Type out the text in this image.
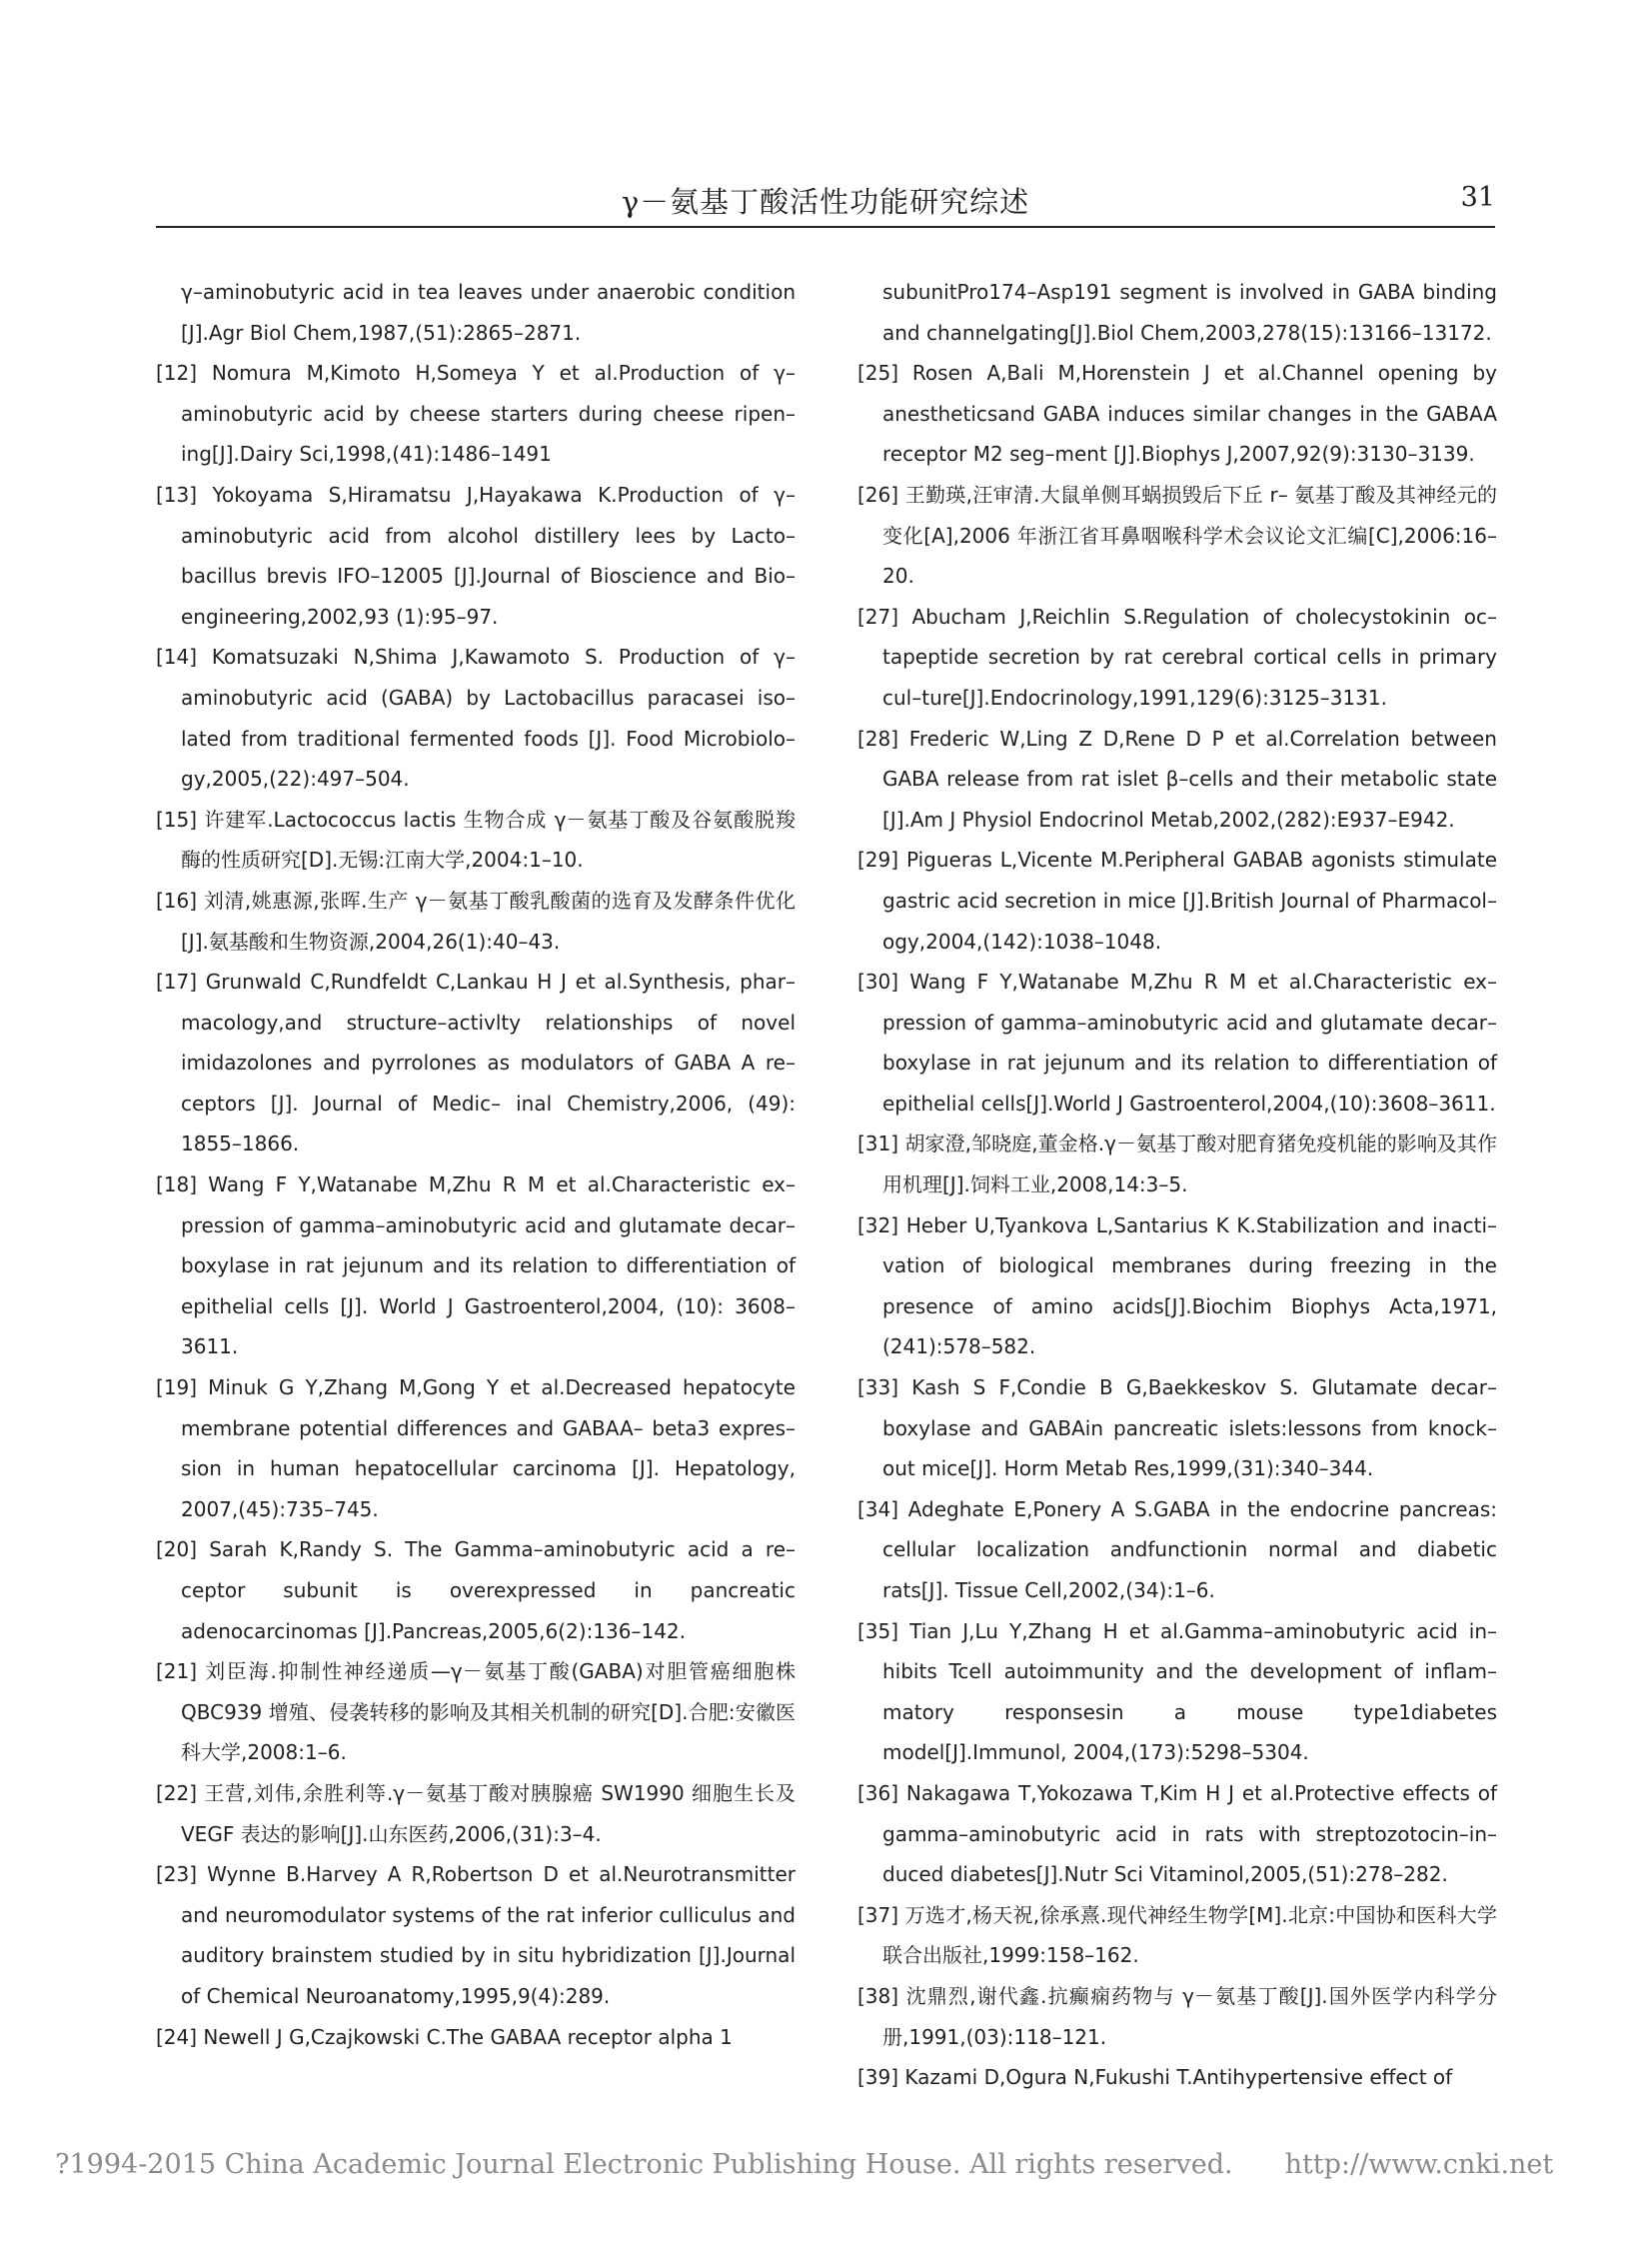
γ－氨基丁酸活性功能研究综述	31
γ–aminobutyric acid in tea leaves under anaerobic condition [J].Agr Biol Chem,1987,(51):2865–2871.
[12] Nomura M,Kimoto H,Someya Y et al.Production of γ–aminobutyric acid by cheese starters during cheese ripen–ing[J].Dairy Sci,1998,(41):1486–1491
[13] Yokoyama S,Hiramatsu J,Hayakawa K.Production of γ–aminobutyric acid from alcohol distillery lees by Lacto–bacillus brevis IFO–12005 [J].Journal of Bioscience and Bio–engineering,2002,93 (1):95–97.
[14] Komatsuzaki N,Shima J,Kawamoto S. Production of γ–aminobutyric acid (GABA) by Lactobacillus paracasei iso–lated from traditional fermented foods [J]. Food Microbiolo–gy,2005,(22):497–504.
[15] 许建军.Lactococcus lactis 生物合成 γ－氨基丁酸及谷氨酸脱羧酶的性质研究[D].无锡:江南大学,2004:1–10.
[16] 刘清,姚惠源,张晖.生产 γ－氨基丁酸乳酸菌的选育及发酵条件优化[J].氨基酸和生物资源,2004,26(1):40–43.
[17] Grunwald C,Rundfeldt C,Lankau H J et al.Synthesis, phar–macology,and structure–activlty relationships of novel imidazolones and pyrrolones as modulators of GABA A re–ceptors [J]. Journal of Medic– inal Chemistry,2006, (49): 1855–1866.
[18] Wang F Y,Watanabe M,Zhu R M et al.Characteristic ex–pression of gamma–aminobutyric acid and glutamate decar–boxylase in rat jejunum and its relation to differentiation of epithelial cells [J]. World J Gastroenterol,2004, (10): 3608–3611.
[19] Minuk G Y,Zhang M,Gong Y et al.Decreased hepatocyte membrane potential differences and GABAA– beta3 expres–sion in human hepatocellular carcinoma [J]. Hepatology, 2007,(45):735–745.
[20] Sarah K,Randy S. The Gamma–aminobutyric acid a re–ceptor subunit is overexpressed in pancreatic adenocarcinomas [J].Pancreas,2005,6(2):136–142.
[21] 刘臣海.抑制性神经递质—γ－氨基丁酸(GABA)对胆管癌细胞株 QBC939 增殖、侵袭转移的影响及其相关机制的研究[D].合肥:安徽医科大学,2008:1–6.
[22] 王营,刘伟,余胜利等.γ－氨基丁酸对胰腺癌 SW1990 细胞生长及 VEGF 表达的影响[J].山东医药,2006,(31):3–4.
[23] Wynne B.Harvey A R,Robertson D et al.Neurotransmitter and neuromodulator systems of the rat inferior culliculus and auditory brainstem studied by in situ hybridization [J].Journal of Chemical Neuroanatomy,1995,9(4):289.
[24] Newell J G,Czajkowski C.The GABAA receptor alpha 1
subunitPro174–Asp191 segment is involved in GABA binding and channelgating[J].Biol Chem,2003,278(15):13166–13172.
[25] Rosen A,Bali M,Horenstein J et al.Channel opening by anestheticsand GABA induces similar changes in the GABAA receptor M2 seg–ment [J].Biophys J,2007,92(9):3130–3139.
[26] 王勤瑛,汪审清.大鼠单侧耳蜗损毁后下丘 r– 氨基丁酸及其神经元的变化[A],2006 年浙江省耳鼻咽喉科学术会议论文汇编[C],2006:16–20.
[27] Abucham J,Reichlin S.Regulation of cholecystokinin oc–tapeptide secretion by rat cerebral cortical cells in primary cul–ture[J].Endocrinology,1991,129(6):3125–3131.
[28] Frederic W,Ling Z D,Rene D P et al.Correlation between GABA release from rat islet β–cells and their metabolic state [J].Am J Physiol Endocrinol Metab,2002,(282):E937–E942.
[29] Pigueras L,Vicente M.Peripheral GABAB agonists stimulate gastric acid secretion in mice [J].British Journal of Pharmacol–ogy,2004,(142):1038–1048.
[30] Wang F Y,Watanabe M,Zhu R M et al.Characteristic ex–pression of gamma–aminobutyric acid and glutamate decar–boxylase in rat jejunum and its relation to differentiation of epithelial cells[J].World J Gastroenterol,2004,(10):3608–3611.
[31] 胡家澄,邹晓庭,董金格.γ－氨基丁酸对肥育猪免疫机能的影响及其作用机理[J].饲料工业,2008,14:3–5.
[32] Heber U,Tyankova L,Santarius K K.Stabilization and inacti–vation of biological membranes during freezing in the presence of amino acids[J].Biochim Biophys Acta,1971,(241):578–582.
[33] Kash S F,Condie B G,Baekkeskov S. Glutamate decar–boxylase and GABAin pancreatic islets:lessons from knock–out mice[J]. Horm Metab Res,1999,(31):340–344.
[34] Adeghate E,Ponery A S.GABA in the endocrine pancreas: cellular localization andfunctionin normal and diabetic rats[J]. Tissue Cell,2002,(34):1–6.
[35] Tian J,Lu Y,Zhang H et al.Gamma–aminobutyric acid in–hibits Tcell autoimmunity and the development of inflam–matory responsesin a mouse type1diabetes model[J].Immunol, 2004,(173):5298–5304.
[36] Nakagawa T,Yokozawa T,Kim H J et al.Protective effects of gamma–aminobutyric acid in rats with streptozotocin–in–duced diabetes[J].Nutr Sci Vitaminol,2005,(51):278–282.
[37] 万选才,杨天祝,徐承熹.现代神经生物学[M].北京:中国协和医科大学联合出版社,1999:158–162.
[38] 沈鼎烈,谢代鑫.抗癫痫药物与 γ－氨基丁酸[J].国外医学内科学分册,1991,(03):118–121.
[39] Kazami D,Ogura N,Fukushi T.Antihypertensive effect of
?1994-2015 China Academic Journal Electronic Publishing House. All rights reserved. http://www.cnki.net
